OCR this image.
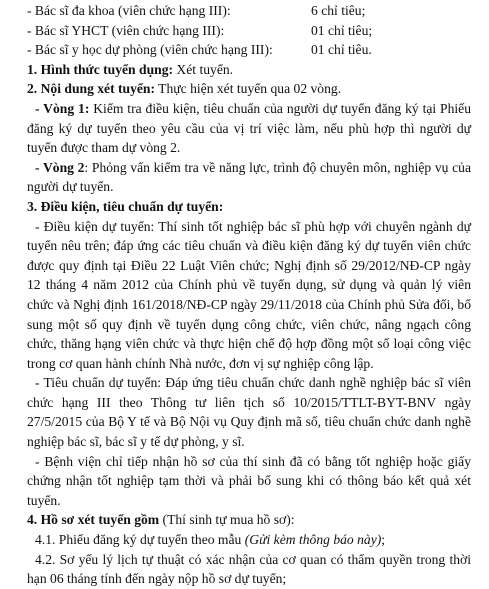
- Bác sĩ đa khoa (viên chức hạng III):	6 chỉ tiêu;
- Bác sĩ YHCT (viên chức hạng III):	01 chỉ tiêu;
- Bác sĩ y học dự phòng (viên chức hạng III):	01 chỉ tiêu.
1. Hình thức tuyển dụng: Xét tuyển.
2. Nội dung xét tuyển: Thực hiện xét tuyển qua 02 vòng.
- Vòng 1: Kiểm tra điều kiện, tiêu chuẩn của người dự tuyển đăng ký tại Phiếu đăng ký dự tuyển theo yêu cầu của vị trí việc làm, nếu phù hợp thì người dự tuyển được tham dự vòng 2.
- Vòng 2: Phỏng vấn kiểm tra về năng lực, trình độ chuyên môn, nghiệp vụ của người dự tuyển.
3. Điều kiện, tiêu chuẩn dự tuyển:
- Điều kiện dự tuyển: Thí sinh tốt nghiệp bác sĩ phù hợp với chuyên ngành dự tuyển nêu trên; đáp ứng các tiêu chuẩn và điều kiện đăng ký dự tuyển viên chức được quy định tại Điều 22 Luật Viên chức; Nghị định số 29/2012/NĐ-CP ngày 12 tháng 4 năm 2012 của Chính phủ về tuyển dụng, sử dụng và quản lý viên chức và Nghị định 161/2018/NĐ-CP ngày 29/11/2018 của Chính phủ Sửa đổi, bổ sung một số quy định về tuyển dụng công chức, viên chức, nâng ngạch công chức, thăng hạng viên chức và thực hiện chế độ hợp đồng một số loại công việc trong cơ quan hành chính Nhà nước, đơn vị sự nghiệp công lập.
- Tiêu chuẩn dự tuyển: Đáp ứng tiêu chuẩn chức danh nghề nghiệp bác sĩ viên chức hạng III theo Thông tư liên tịch số 10/2015/TTLT-BYT-BNV ngày 27/5/2015 của Bộ Y tế và Bộ Nội vụ Quy định mã số, tiêu chuẩn chức danh nghề nghiệp bác sĩ, bác sĩ y tế dự phòng, y sĩ.
- Bệnh viện chỉ tiếp nhận hồ sơ của thí sinh đã có bằng tốt nghiệp hoặc giấy chứng nhận tốt nghiệp tạm thời và phải bổ sung khi có thông báo kết quả xét tuyển.
4. Hồ sơ xét tuyển gồm (Thí sinh tự mua hồ sơ):
4.1. Phiếu đăng ký dự tuyển theo mẫu (Gửi kèm thông báo này);
4.2. Sơ yếu lý lịch tự thuật có xác nhận của cơ quan có thẩm quyền trong thời hạn 06 tháng tính đến ngày nộp hồ sơ dự tuyển;
